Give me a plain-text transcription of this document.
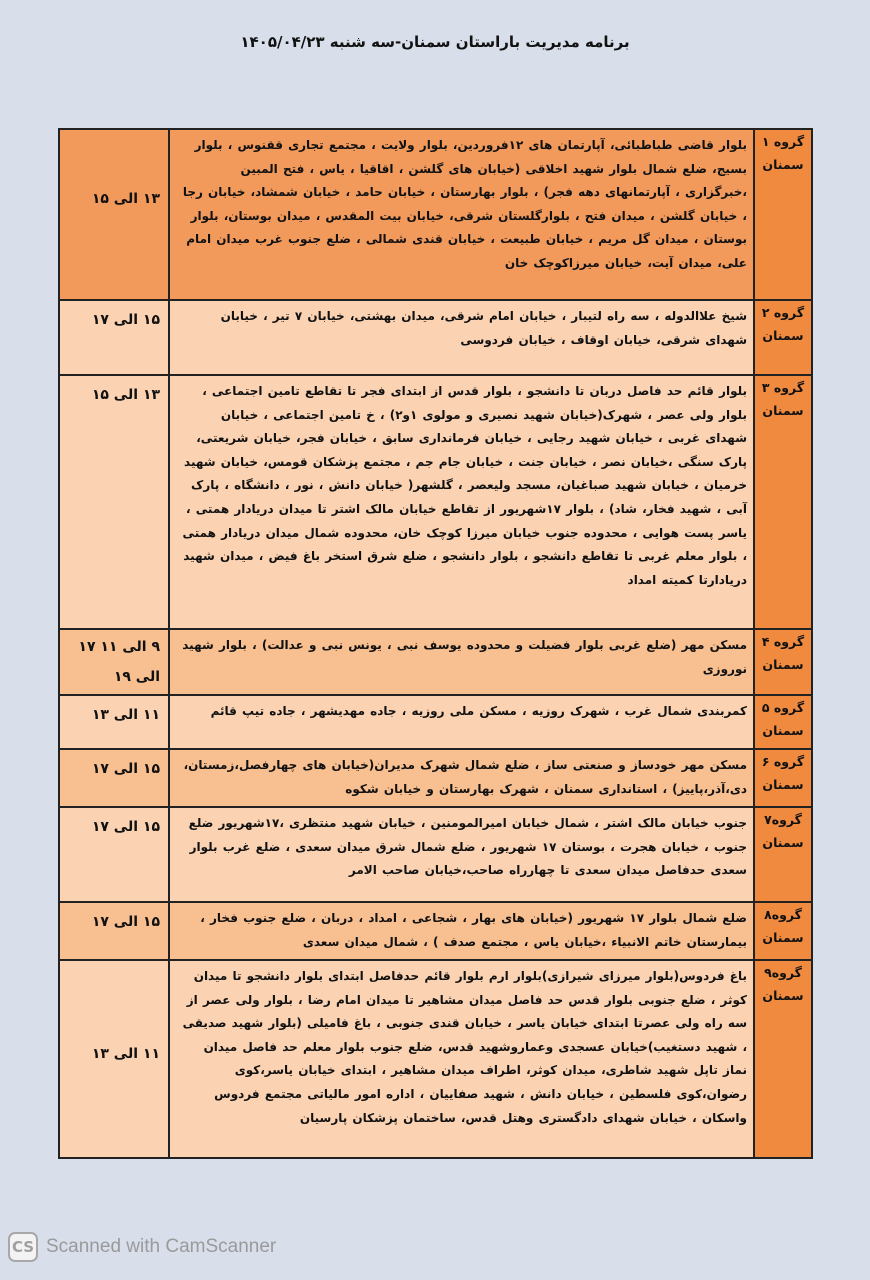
برنامه مدیریت باراستان سمنان-سه شنبه ۱۴۰۵/۰۴/۲۳
گروه ۱ سمنان	بلوار قاضی طباطبائی، آپارتمان های ۱۲فروردین، بلوار ولایت ، مجتمع تجاری ققنوس ، بلوار بسیج، ضلع شمال بلوار شهید اخلاقی (خیابان های گلشن ، اقاقیا ، یاس ، فتح المبین ،خبرگزاری ، آپارتمانهای دهه فجر) ، بلوار بهارستان ، خیابان حامد ، خیابان شمشاد، خیابان رجا ، خیابان گلشن ، میدان فتح ، بلوارگلستان شرقی، خیابان بیت المقدس ، میدان بوستان، بلوار بوستان ، میدان گل مریم ، خیابان طبیعت ، خیابان قندی شمالی ، ضلع جنوب غرب میدان امام علی، میدان آیت، خیابان میرزاکوچک خان	۱۳ الی ۱۵
گروه ۲ سمنان	شیخ علاالدوله ، سه راه لتیبار ، خیابان امام شرقی، میدان بهشتی، خیابان ۷ تیر ، خیابان شهدای شرقی، خیابان اوقاف ، خیابان فردوسی	۱۵ الی ۱۷
گروه ۳ سمنان	بلوار قائم حد فاصل دربان تا دانشجو ، بلوار قدس از ابتدای فجر تا تقاطع تامین اجتماعی ، بلوار ولی عصر ، شهرک(خیابان شهید نصیری و مولوی ۱و۲) ، خ تامین اجتماعی ، خیابان شهدای غربی ، خیابان شهید رجایی ، خیابان فرمانداری سابق ، خیابان فجر، خیابان شریعتی، پارک سنگی ،خیابان نصر ، خیابان جنت ، خیابان جام جم ، مجتمع پزشکان قومس، خیابان شهید خرمیان ، خیابان شهید صباغیان، مسجد ولیعصر ، گلشهر( خیابان دانش ، نور ، دانشگاه ، پارک آبی ، شهید فخار، شاد) ، بلوار ۱۷شهریور از تقاطع خیابان مالک اشتر تا میدان دریادار همتی ، یاسر پست هوایی ، محدوده جنوب خیابان میرزا کوچک خان، محدوده شمال میدان دریادار همتی ، بلوار معلم غربی تا تقاطع دانشجو ، بلوار دانشجو ، ضلع شرق استخر باغ فیض ، میدان شهید دریادارتا کمیته امداد	۱۳ الی ۱۵
گروه ۴ سمنان	مسکن مهر (ضلع غربی بلوار فضیلت و محدوده یوسف نبی ، یونس نبی و عدالت) ، بلوار شهید نوروزی	۹ الی ۱۱ ۱۷ الی ۱۹
گروه ۵ سمنان	کمربندی شمال غرب ، شهرک روزیه ، مسکن ملی روزیه ، جاده مهدیشهر ، جاده تیپ قائم	۱۱ الی ۱۳
گروه ۶ سمنان	مسکن مهر خودساز و صنعتی ساز ، ضلع شمال شهرک مدیران(خیابان های چهارفصل،زمستان، دی،آذر،پاییز) ، استانداری سمنان ، شهرک بهارستان و خیابان شکوه	۱۵ الی ۱۷
گروه۷ سمنان	جنوب خیابان مالک اشتر ، شمال خیابان امیرالمومنین ، خیابان شهید منتظری ،۱۷شهریور ضلع جنوب ، خیابان هجرت ، بوستان ۱۷ شهریور ، ضلع شمال شرق میدان سعدی ، ضلع غرب بلوار سعدی حدفاصل میدان سعدی تا چهارراه صاحب،خیابان صاحب الامر	۱۵ الی ۱۷
گروه۸ سمنان	ضلع شمال بلوار ۱۷ شهریور (خیابان های بهار ، شجاعی ، امداد ، دربان ، ضلع جنوب فخار ، بیمارستان خاتم الانبیاء ،خیابان یاس ، مجتمع صدف ) ، شمال میدان سعدی	۱۵ الی ۱۷
گروه۹ سمنان	باغ فردوس(بلوار میرزای شیرازی)بلوار ارم بلوار قائم حدفاصل ابتدای بلوار دانشجو تا میدان کوثر ، ضلع جنوبی بلوار قدس حد فاصل میدان مشاهیر تا میدان امام رضا ، بلوار ولی عصر از سه راه ولی عصرتا ابتدای خیابان یاسر ، خیابان قندی جنوبی ، باغ فامیلی (بلوار شهید صدیقی ، شهید دستغیب)خیابان عسجدی وعماروشهید قدس، ضلع جنوب بلوار معلم حد فاصل میدان نماز تاپل شهید شاطری، میدان کوثر، اطراف میدان مشاهیر ، ابتدای خیابان یاسر،کوی رضوان،کوی فلسطین ، خیابان دانش ، شهید صفاییان ، اداره امور مالیاتی مجتمع فردوس واسکان ، خیابان شهدای دادگستری وهتل قدس، ساختمان پزشکان پارسیان	۱۱ الی ۱۳
CS Scanned with CamScanner
